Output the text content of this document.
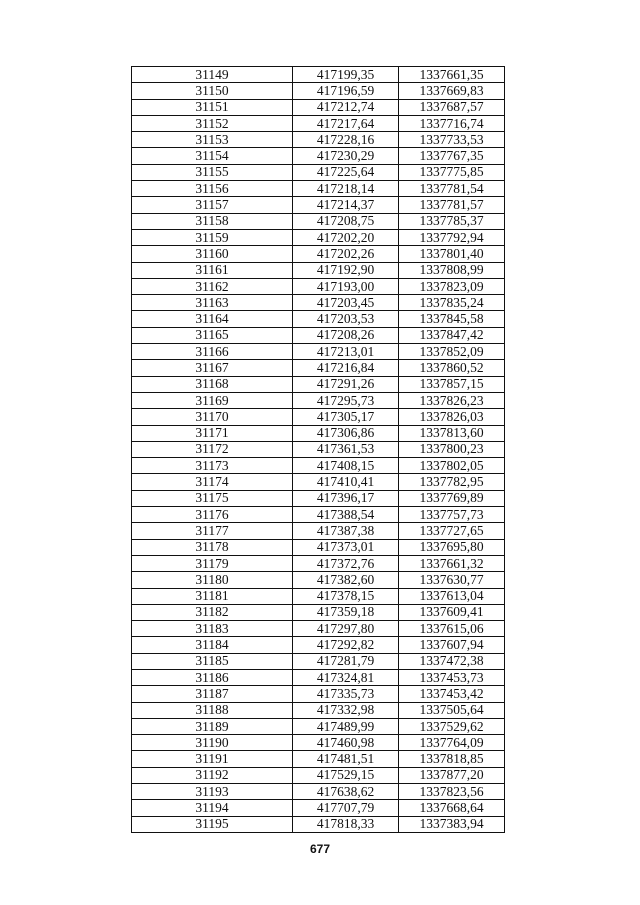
31149	417199,35	1337661,35
31150	417196,59	1337669,83
31151	417212,74	1337687,57
31152	417217,64	1337716,74
31153	417228,16	1337733,53
31154	417230,29	1337767,35
31155	417225,64	1337775,85
31156	417218,14	1337781,54
31157	417214,37	1337781,57
31158	417208,75	1337785,37
31159	417202,20	1337792,94
31160	417202,26	1337801,40
31161	417192,90	1337808,99
31162	417193,00	1337823,09
31163	417203,45	1337835,24
31164	417203,53	1337845,58
31165	417208,26	1337847,42
31166	417213,01	1337852,09
31167	417216,84	1337860,52
31168	417291,26	1337857,15
31169	417295,73	1337826,23
31170	417305,17	1337826,03
31171	417306,86	1337813,60
31172	417361,53	1337800,23
31173	417408,15	1337802,05
31174	417410,41	1337782,95
31175	417396,17	1337769,89
31176	417388,54	1337757,73
31177	417387,38	1337727,65
31178	417373,01	1337695,80
31179	417372,76	1337661,32
31180	417382,60	1337630,77
31181	417378,15	1337613,04
31182	417359,18	1337609,41
31183	417297,80	1337615,06
31184	417292,82	1337607,94
31185	417281,79	1337472,38
31186	417324,81	1337453,73
31187	417335,73	1337453,42
31188	417332,98	1337505,64
31189	417489,99	1337529,62
31190	417460,98	1337764,09
31191	417481,51	1337818,85
31192	417529,15	1337877,20
31193	417638,62	1337823,56
31194	417707,79	1337668,64
31195	417818,33	1337383,94
677
